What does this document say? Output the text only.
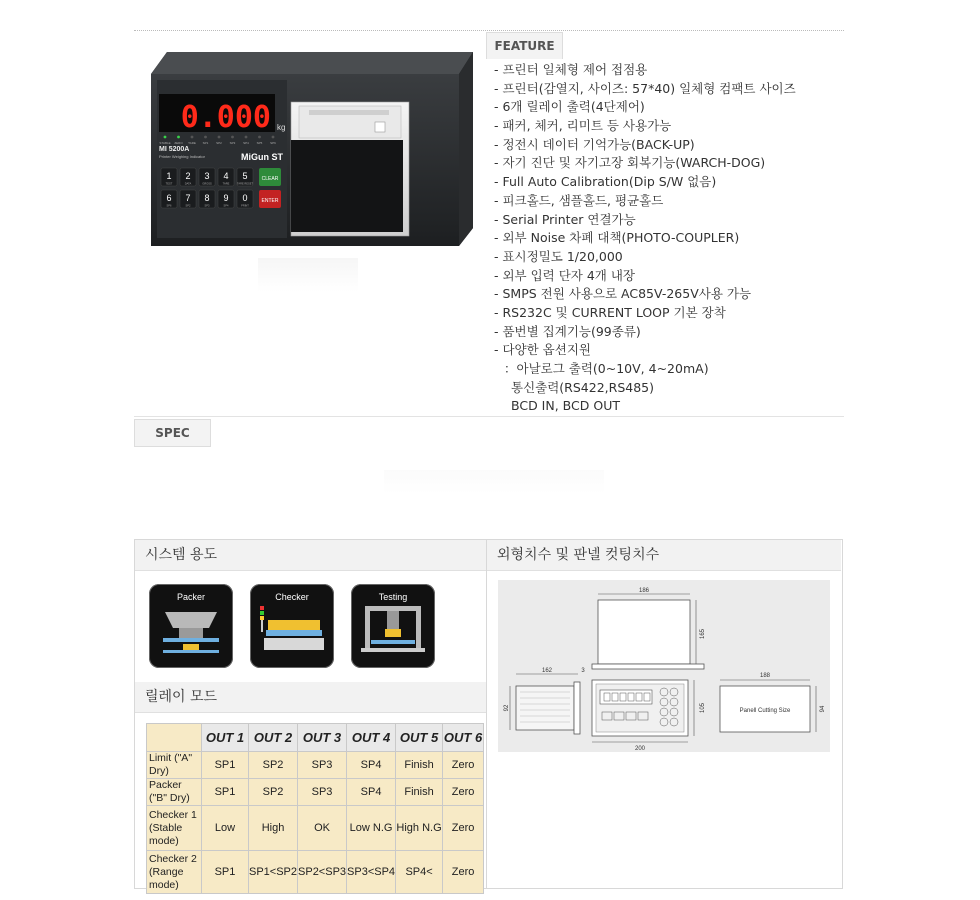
0.000 kg
STABLE ZERO TARE SP1	SP2	SP3	SP4	SP5	SP6
MI 5200A
Printer Weighing Indicator	MiGun ST
1
TEST
2
DATA
3
GROSS
4
TARE
5
TARE RESET
6
SP6
7
SP2
8
SP3
9
SP4
0
PRINT
CLEAR
ENTER
FEATURE
- 프린터 일체형 제어 접점용
- 프린터(감열지, 사이즈: 57*40) 일체형 컴팩트 사이즈
- 6개 릴레이 출력(4단제어)
- 패커, 체커, 리미트 등 사용가능
- 정전시 데이터 기억가능(BACK-UP)
- 자기 진단 및 자기고장 회복기능(WARCH-DOG)
- Full Auto Calibration(Dip S/W 없음)
- 피크홀드, 샘플홀드, 평균홀드
- Serial Printer 연결가능
- 외부 Noise 차폐 대책(PHOTO-COUPLER)
- 표시정밀도 1/20,000
- 외부 입력 단자 4개 내장
- SMPS 전원 사용으로 AC85V-265V사용 가능
- RS232C 및 CURRENT LOOP 기본 장착
- 품번별 집계기능(99종류)
- 다양한 옵션지원
：아날로그 출력(0~10V, 4~20mA)
통신출력(RS422,RS485)
BCD IN, BCD OUT
SPEC
시스템 용도
Packer	Checker	Testing
릴레이 모드
	OUT 1	OUT 2	OUT 3	OUT 4	OUT 5	OUT 6

Limit ("A" Dry)	SP1	SP2	SP3	SP4	Finish	Zero

Packer ("B" Dry)	SP1	SP2	SP3	SP4	Finish	Zero

Checker 1
(Stable mode)	Low	High	OK	Low N.G	High N.G	Zero

Checker 2
(Range mode)	SP1	SP1<SP2	SP2<SP3	SP3<SP4	SP4<	Zero
외형치수 및 판넬 컷팅치수
186
165
162	3
92
200
105
188
Panell Cutting Size	94
